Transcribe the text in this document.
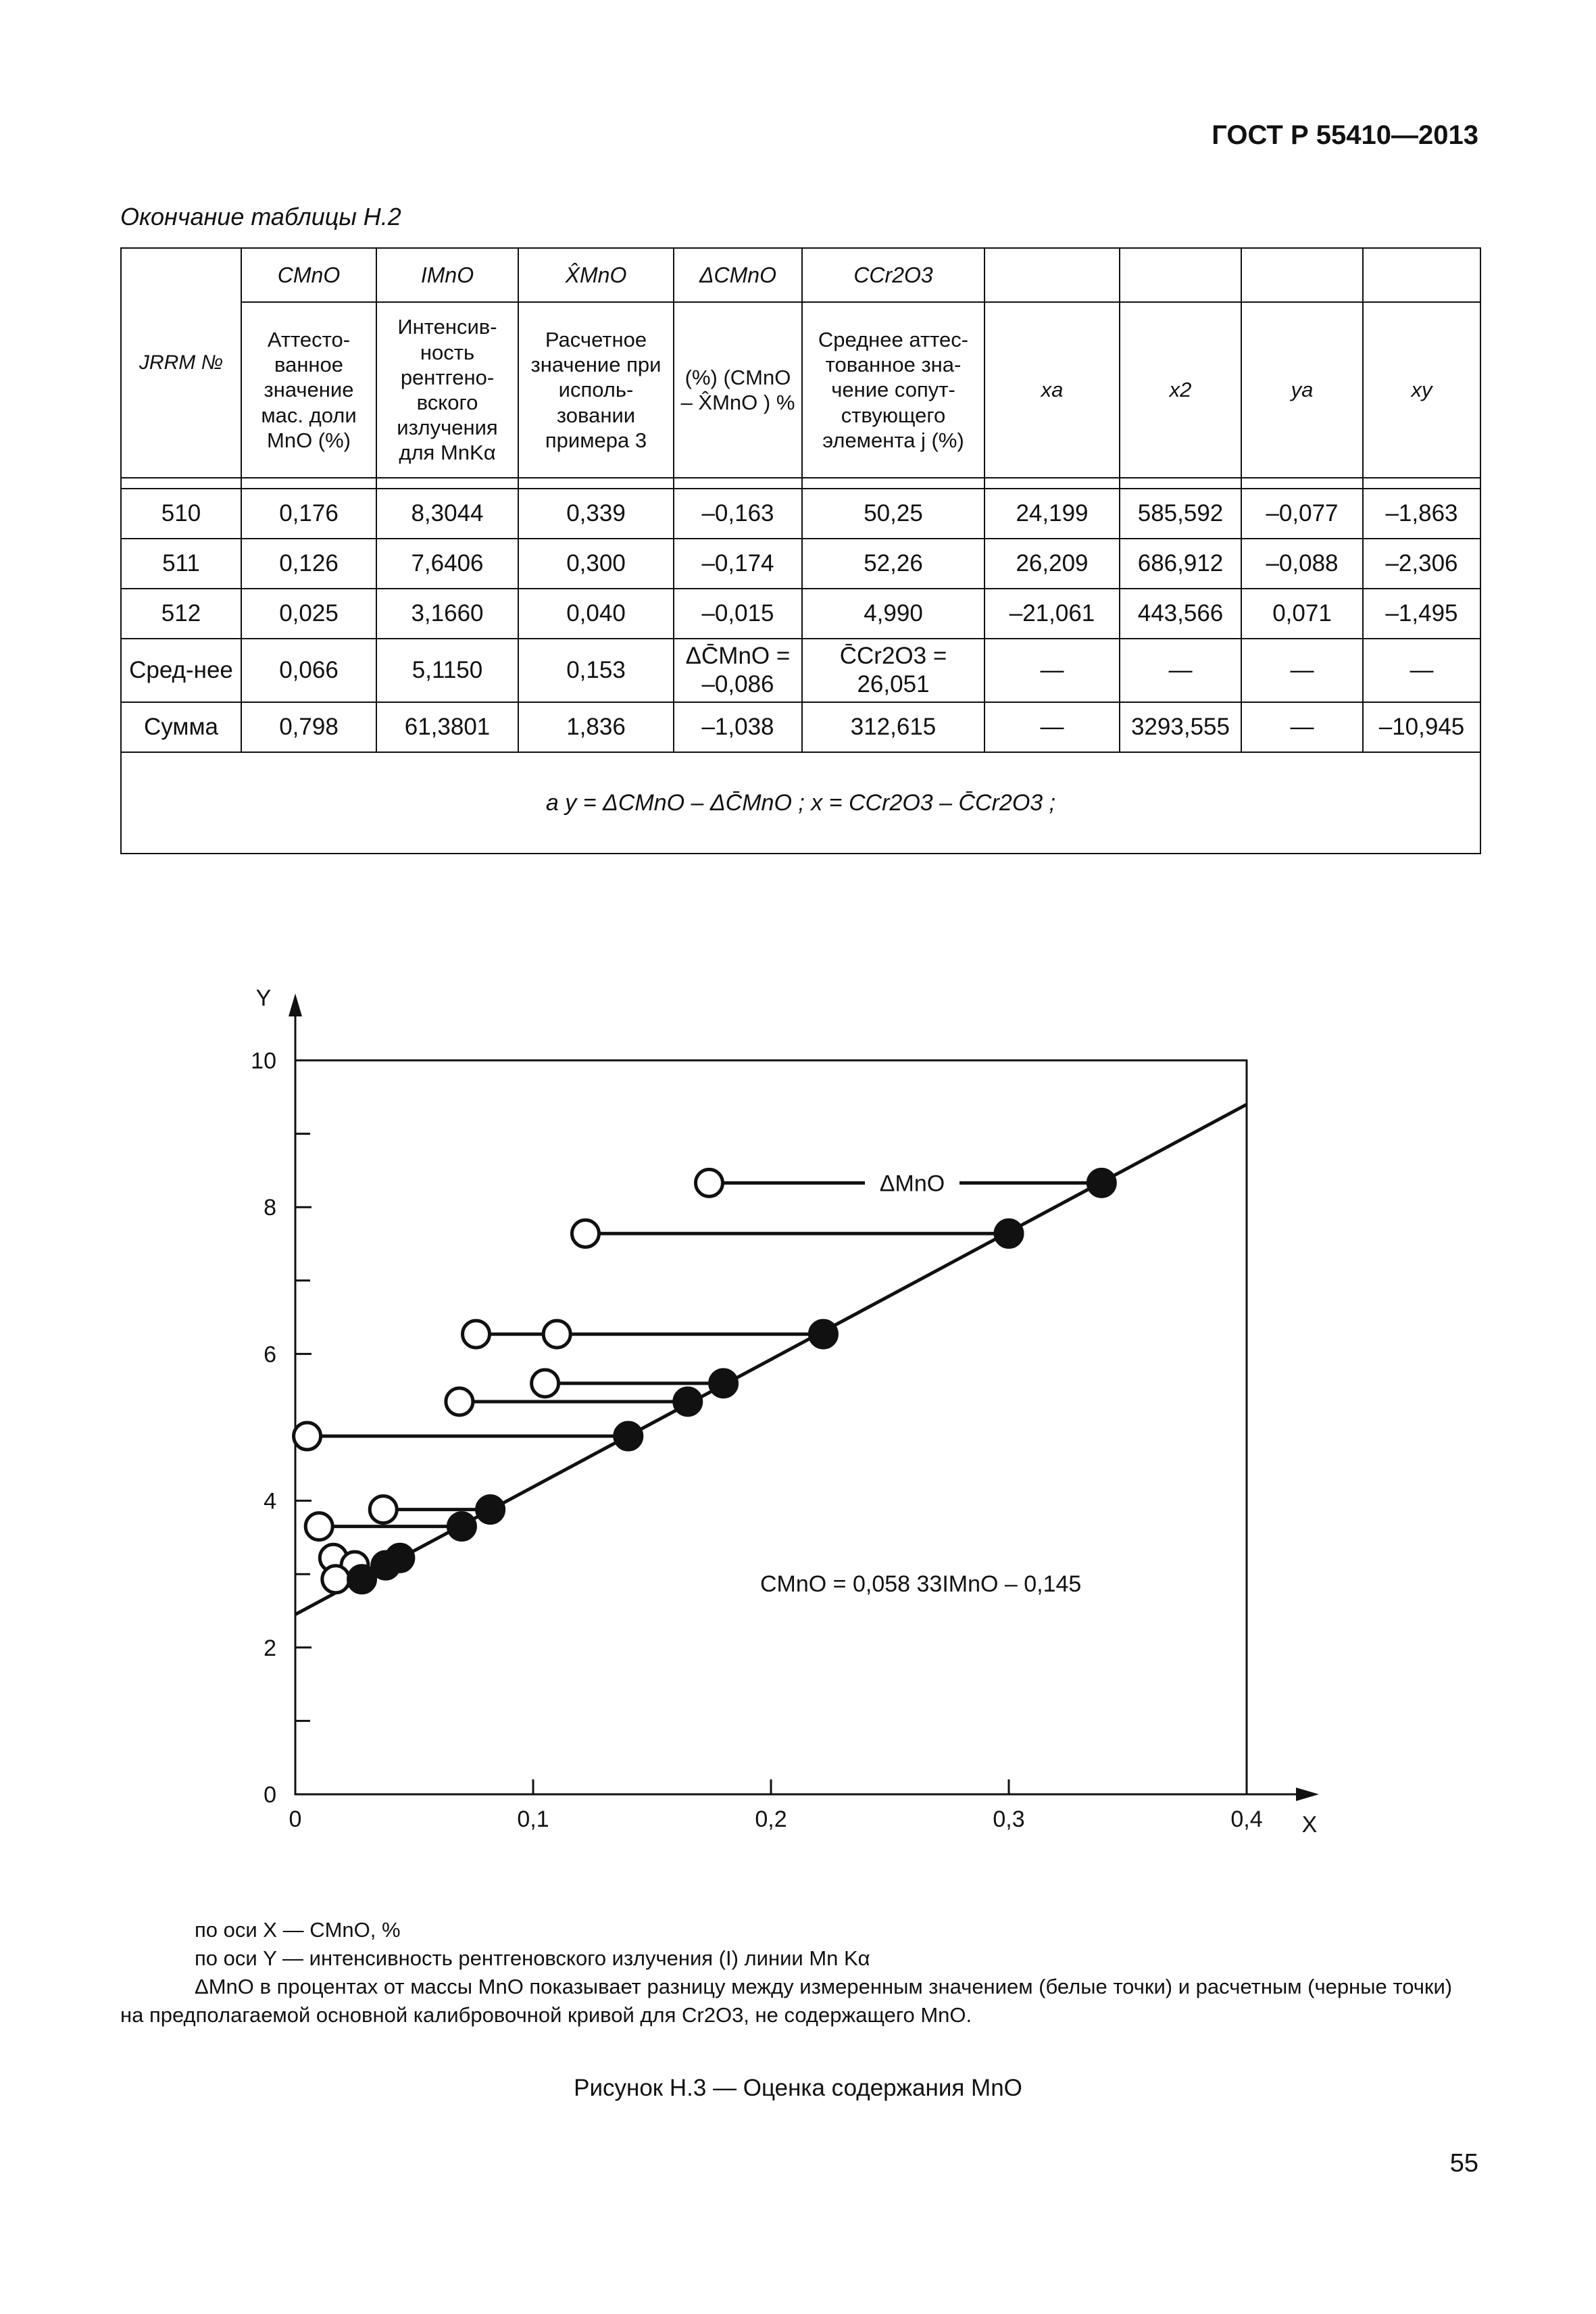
ГОСТ Р 55410—2013
Окончание таблицы Н.2
JRRM №	CMnO	IMnO	X̂MnO	ΔCMnO	CCr2O3				
	Аттесто-ванное значение мас. доли MnO (%)	Интенсив-ность рентгено-вского излучения для MnKα	Расчетное значение при исполь-зовании примера 3	(%) (CMnO – X̂MnO ) %	Среднее аттес-тованное зна-чение сопут-ствующего элемента j (%)	xa	x2	ya	xy

510	0,176	8,3044	0,339	–0,163	50,25	24,199	585,592	–0,077	–1,863
511	0,126	7,6406	0,300	–0,174	52,26	26,209	686,912	–0,088	–2,306
512	0,025	3,1660	0,040	–0,015	4,990	–21,061	443,566	0,071	–1,495
Сред-нее	0,066	5,1150	0,153	ΔC̄MnO = –0,086	C̄Cr2O3 = 26,051	—	—	—	—
Сумма	0,798	61,3801	1,836	–1,038	312,615	—	3293,555	—	–10,945
a y = ΔCMnO – ΔC̄MnO ; x = CCr2O3 – C̄Cr2O3 ;									
0
2
4
6
8
10
0	0,1	0,2	0,3	0,4 X
Y
ΔMnO
CMnO = 0,058 33IMnO – 0,145
по оси X — CMnO, %
по оси Y — интенсивность рентгеновского излучения (I) линии Mn Kα
ΔMnO в процентах от массы MnO показывает разницу между измеренным значением (белые точки) и расчетным (черные точки) на предполагаемой основной калибровочной кривой для Cr2O3, не содержащего MnO.
Рисунок Н.3 — Оценка содержания MnO
55
